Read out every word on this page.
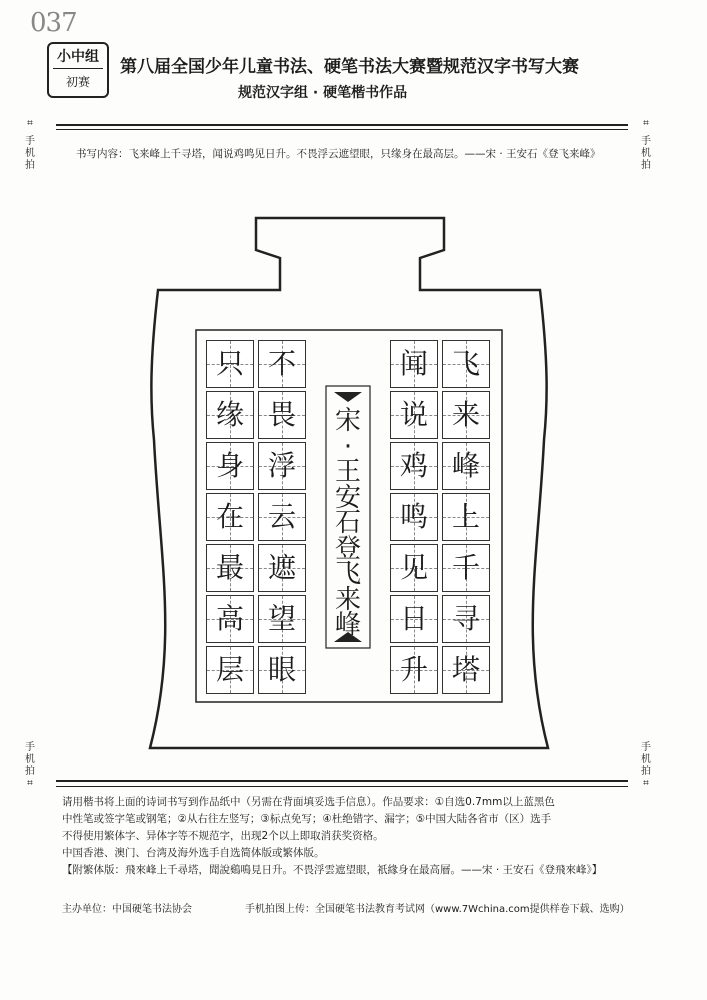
037
小中组
初赛
第八届全国少年儿童书法、硬笔书法大赛暨规范汉字书写大赛
规范汉字组 · 硬笔楷书作品
⌗
手
机
拍
⌗
手
机
拍
手
机
拍
⌗
手
机
拍
⌗
书写内容：飞来峰上千寻塔，闻说鸡鸣见日升。不畏浮云遮望眼，只缘身在最高层。——宋 · 王安石《登飞来峰》
飞
来
峰
上
千
寻
塔
闻
说
鸡
鸣
见
日
升
不
畏
浮
云
遮
望
眼
只
缘
身
在
最
高
层
宋
·
王
安
石
登
飞
来
峰

请用楷书将上面的诗词书写到作品纸中（另需在背面填妥选手信息）。作品要求：①自选0.7mm以上蓝黑色

中性笔或签字笔或钢笔；②从右往左竖写；③标点免写；④杜绝错字、漏字；⑤中国大陆各省市（区）选手

不得使用繁体字、异体字等不规范字，出现2个以上即取消获奖资格。

中国香港、澳门、台湾及海外选手自选简体版或繁体版。

【附繁体版：飛來峰上千尋塔，聞說鷄鳴見日升。不畏浮雲遮望眼，祇緣身在最高層。——宋 · 王安石《登飛來峰》】

主办单位：中国硬笔书法协会	手机拍图上传：全国硬笔书法教育考试网（www.7Wchina.com提供样卷下载、选购）
